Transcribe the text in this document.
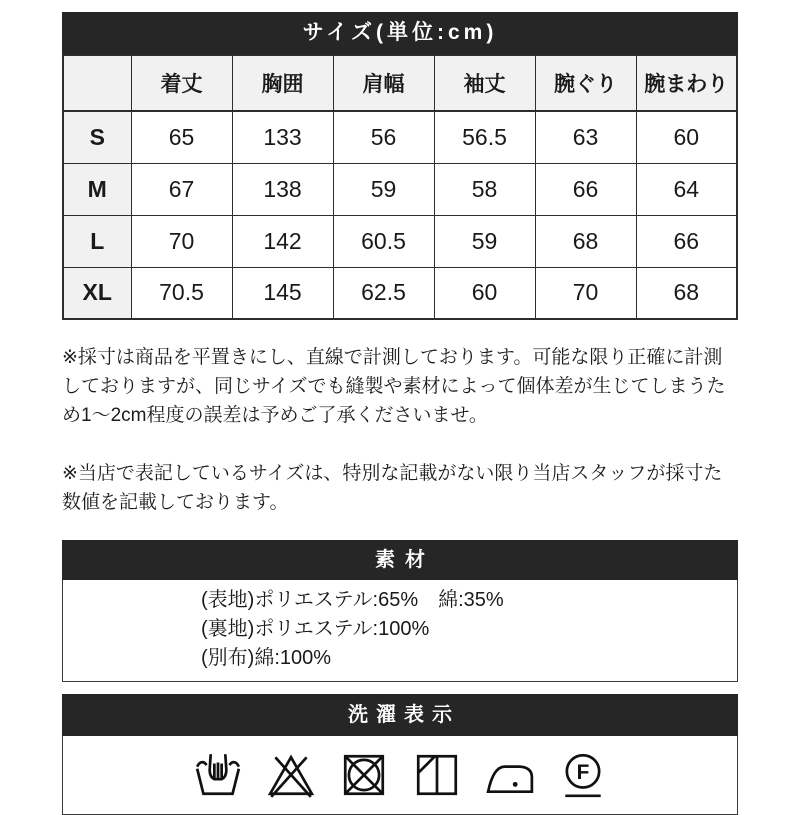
サイズ(単位:cm)
	着丈	胸囲	肩幅	袖丈	腕ぐり	腕まわり
S	65	133	56	56.5	63	60
M	67	138	59	58	66	64
L	70	142	60.5	59	68	66
XL	70.5	145	62.5	60	70	68

※採寸は商品を平置きにし、直線で計測しております。可能な限り正確に計測しておりますが、同じサイズでも縫製や素材によって個体差が生じてしまうため1〜2cm程度の誤差は予めご了承くださいませ。

※当店で表記しているサイズは、特別な記載がない限り当店スタッフが採寸た数値を記載しております。

素材
(表地)ポリエステル:65%　綿:35%
(裏地)ポリエステル:100%
(別布)綿:100%
洗濯表示
F
